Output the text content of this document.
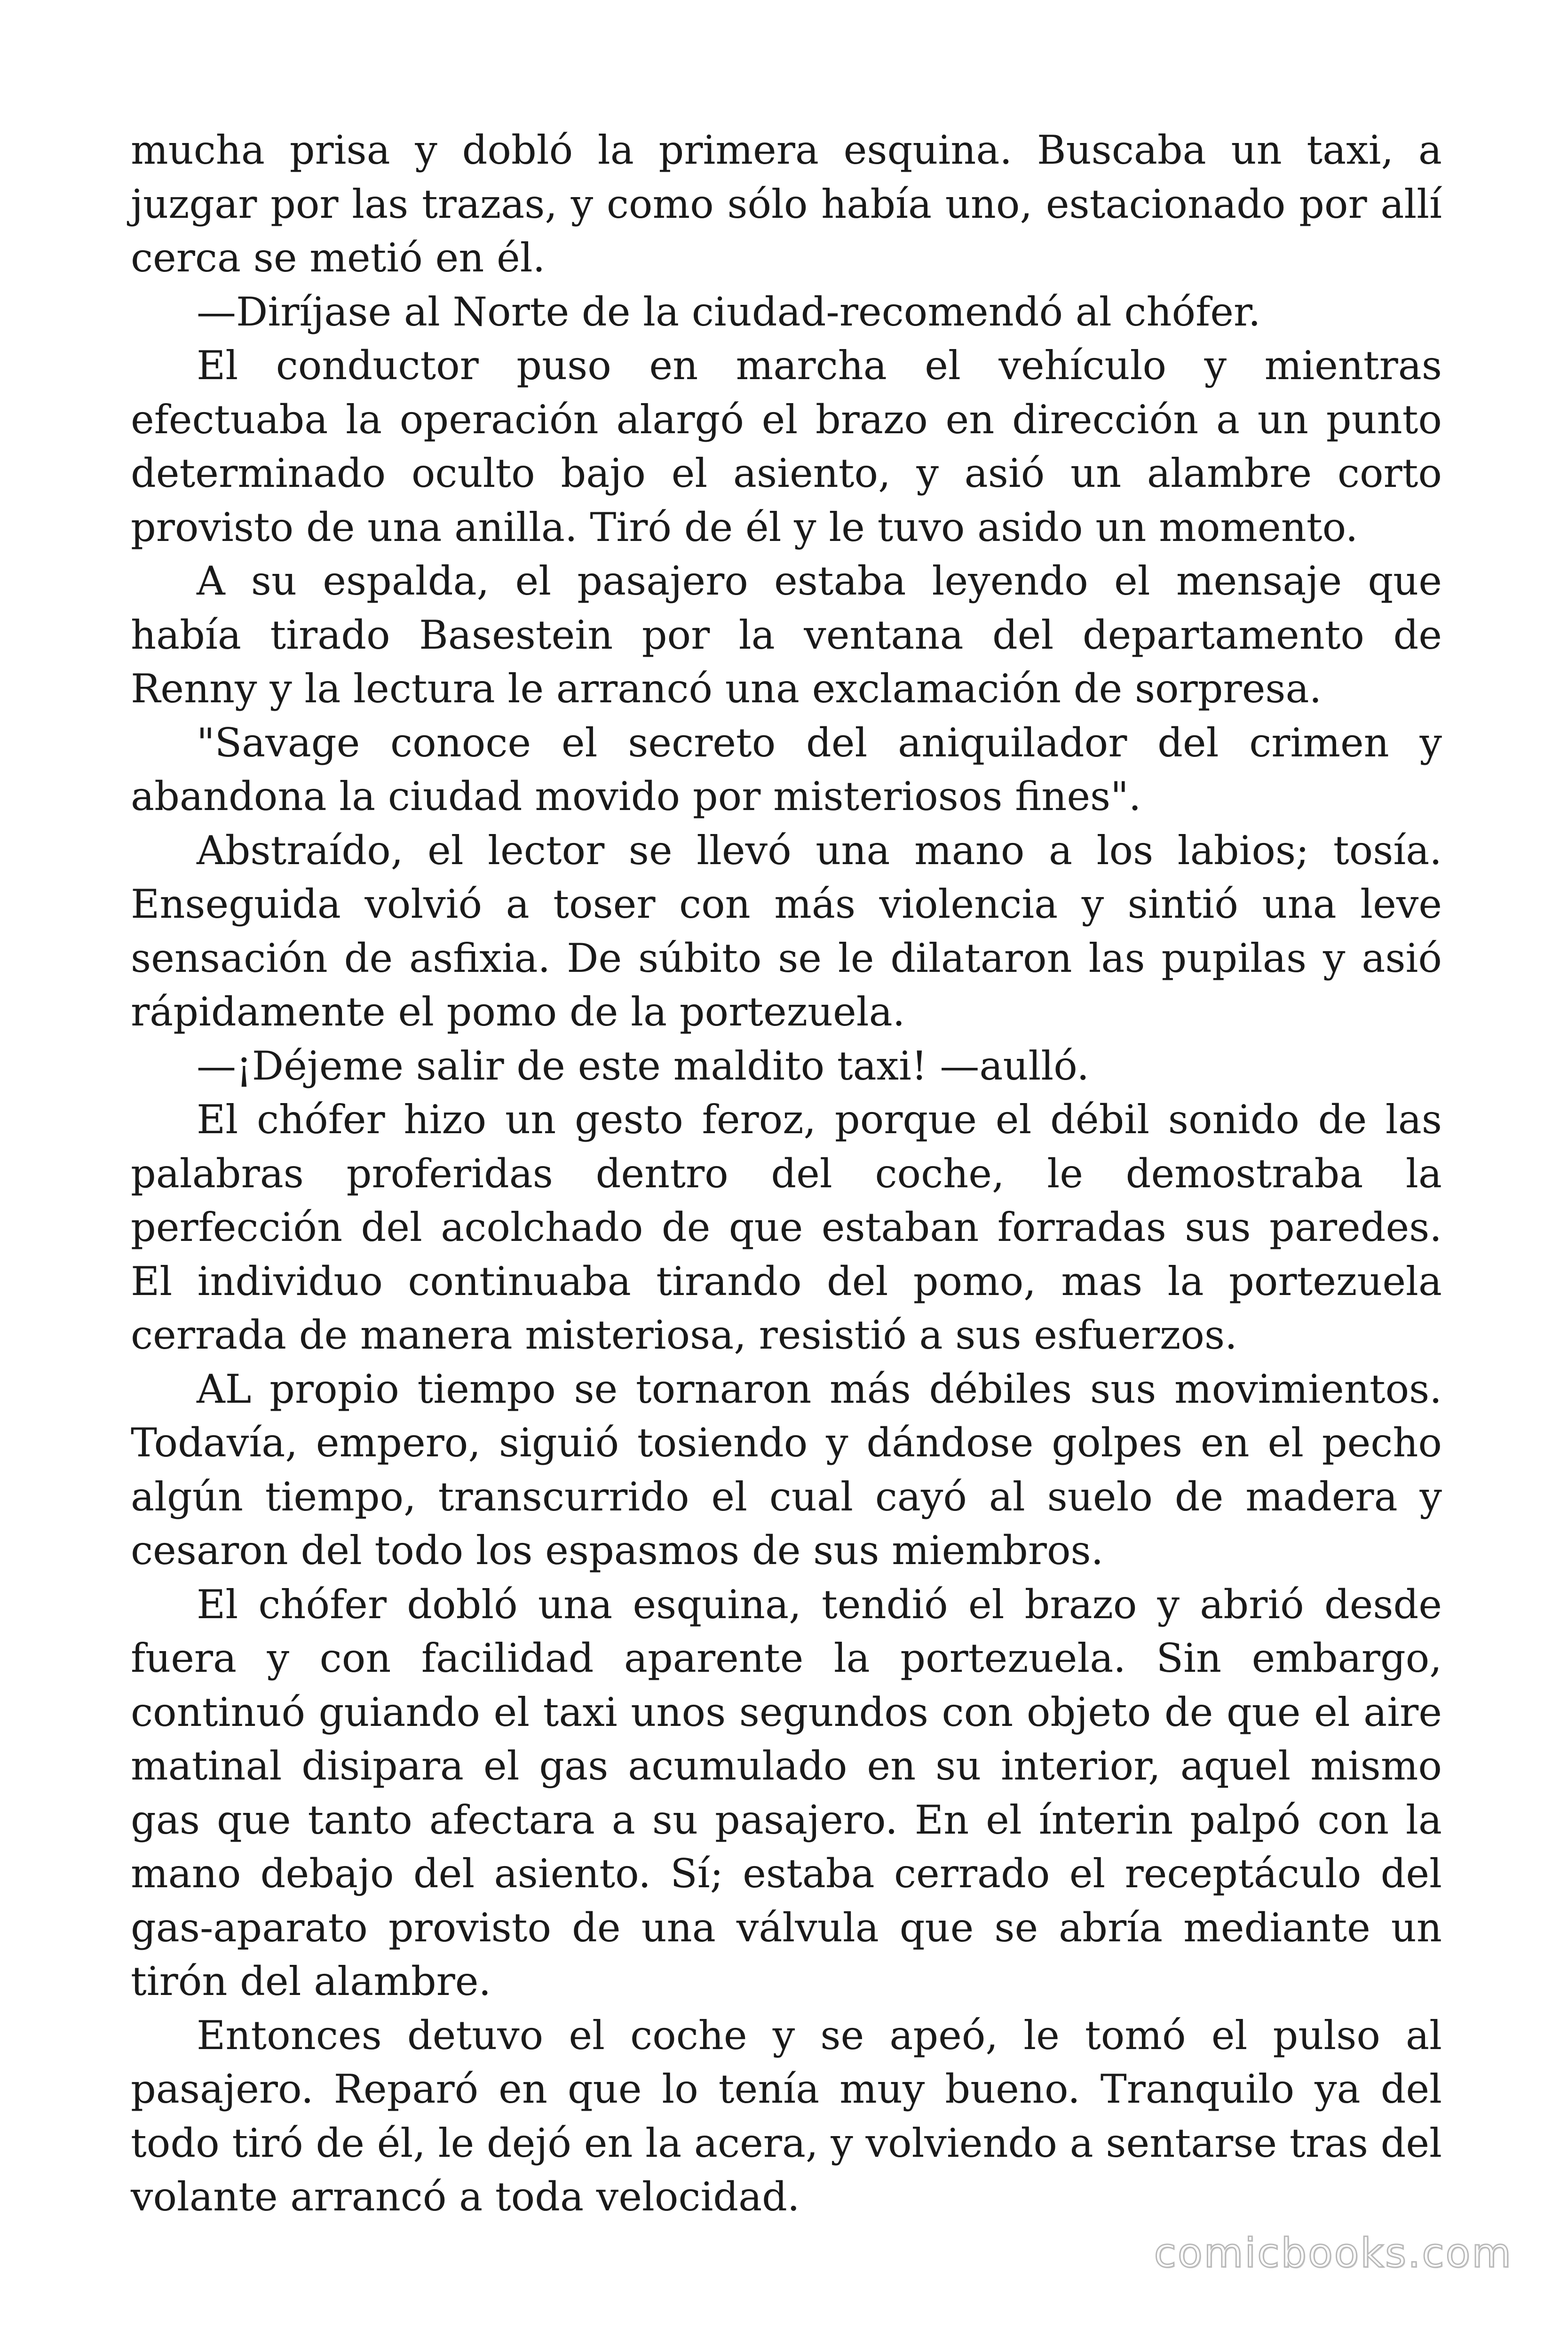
mucha prisa y dobló la primera esquina. Buscaba un taxi, a juzgar por las trazas, y como sólo había uno, estacionado por allí cerca se metió en él.

—Diríjase al Norte de la ciudad-recomendó al chófer.

El conductor puso en marcha el vehículo y mientras efectuaba la operación alargó el brazo en dirección a un punto determinado oculto bajo el asiento, y asió un alambre corto provisto de una anilla. Tiró de él y le tuvo asido un momento.

A su espalda, el pasajero estaba leyendo el mensaje que había tirado Basestein por la ventana del departamento de Renny y la lectura le arrancó una exclamación de sorpresa.

"Savage conoce el secreto del aniquilador del crimen y abandona la ciudad movido por misteriosos fines".

Abstraído, el lector se llevó una mano a los labios; tosía. Enseguida volvió a toser con más violencia y sintió una leve sensación de asfixia. De súbito se le dilataron las pupilas y asió rápidamente el pomo de la portezuela.

—¡Déjeme salir de este maldito taxi! —aulló.

El chófer hizo un gesto feroz, porque el débil sonido de las palabras proferidas dentro del coche, le demostraba la perfección del acolchado de que estaban forradas sus paredes. El individuo continuaba tirando del pomo, mas la portezuela cerrada de manera misteriosa, resistió a sus esfuerzos.

AL propio tiempo se tornaron más débiles sus movimientos. Todavía, empero, siguió tosiendo y dándose golpes en el pecho algún tiempo, transcurrido el cual cayó al suelo de madera y cesaron del todo los espasmos de sus miembros.

El chófer dobló una esquina, tendió el brazo y abrió desde fuera y con facilidad aparente la portezuela. Sin embargo, continuó guiando el taxi unos segundos con objeto de que el aire matinal disipara el gas acumulado en su interior, aquel mismo gas que tanto afectara a su pasajero. En el ínterin palpó con la mano debajo del asiento. Sí; estaba cerrado el receptáculo del gas-aparato provisto de una válvula que se abría mediante un tirón del alambre.

Entonces detuvo el coche y se apeó, le tomó el pulso al pasajero. Reparó en que lo tenía muy bueno. Tranquilo ya del todo tiró de él, le dejó en la acera, y volviendo a sentarse tras del volante arrancó a toda velocidad.

comicbooks.com
